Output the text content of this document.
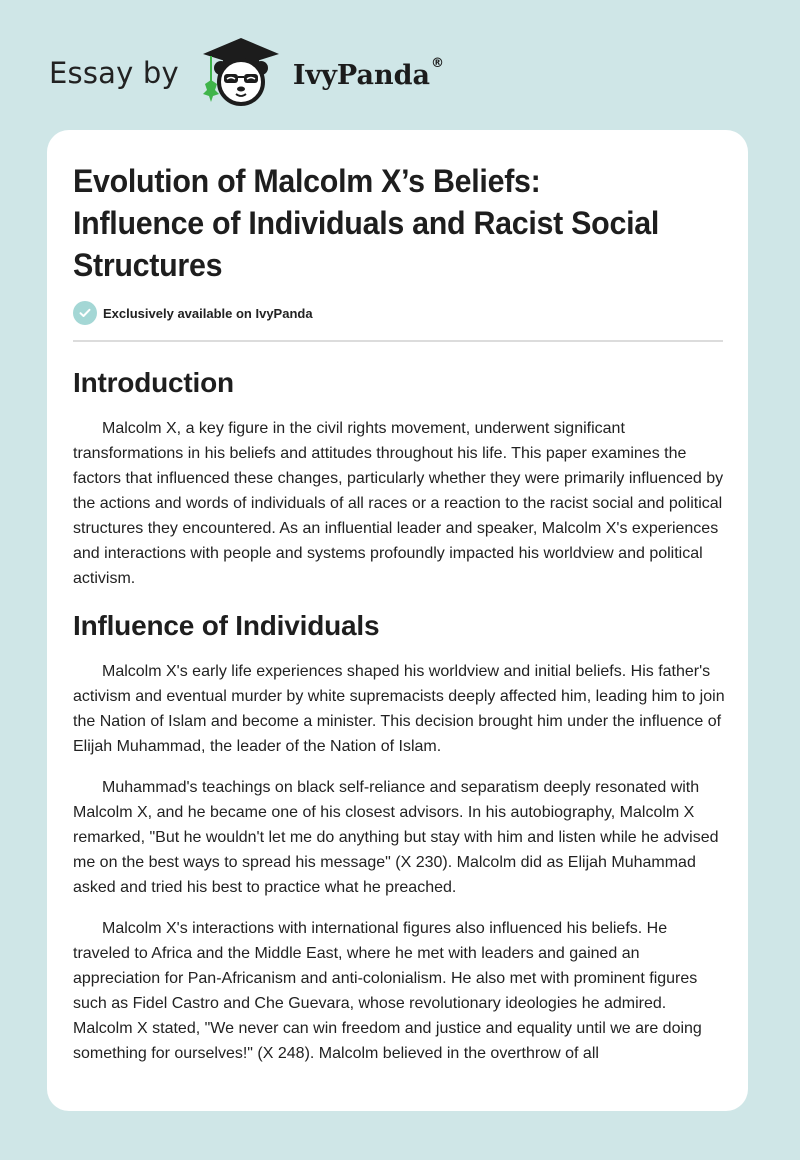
Essay by	IvyPanda®
Evolution of Malcolm X’s Beliefs: Influence of Individuals and Racist Social Structures
Exclusively available on IvyPanda
Introduction

Malcolm X, a key figure in the civil rights movement, underwent significant transformations in his beliefs and attitudes throughout his life. This paper examines the factors that influenced these changes, particularly whether they were primarily influenced by the actions and words of individuals of all races or a reaction to the racist social and political structures they encountered. As an influential leader and speaker, Malcolm X's experiences and interactions with people and systems profoundly impacted his worldview and political activism.

Influence of Individuals

Malcolm X's early life experiences shaped his worldview and initial beliefs. His father's activism and eventual murder by white supremacists deeply affected him, leading him to join the Nation of Islam and become a minister. This decision brought him under the influence of Elijah Muhammad, the leader of the Nation of Islam.

Muhammad's teachings on black self-reliance and separatism deeply resonated with Malcolm X, and he became one of his closest advisors. In his autobiography, Malcolm X remarked, "But he wouldn't let me do anything but stay with him and listen while he advised me on the best ways to spread his message" (X 230). Malcolm did as Elijah Muhammad asked and tried his best to practice what he preached.

Malcolm X's interactions with international figures also influenced his beliefs. He traveled to Africa and the Middle East, where he met with leaders and gained an appreciation for Pan-Africanism and anti-colonialism. He also met with prominent figures such as Fidel Castro and Che Guevara, whose revolutionary ideologies he admired. Malcolm X stated, "We never can win freedom and justice and equality until we are doing something for ourselves!" (X 248). Malcolm believed in the overthrow of all
